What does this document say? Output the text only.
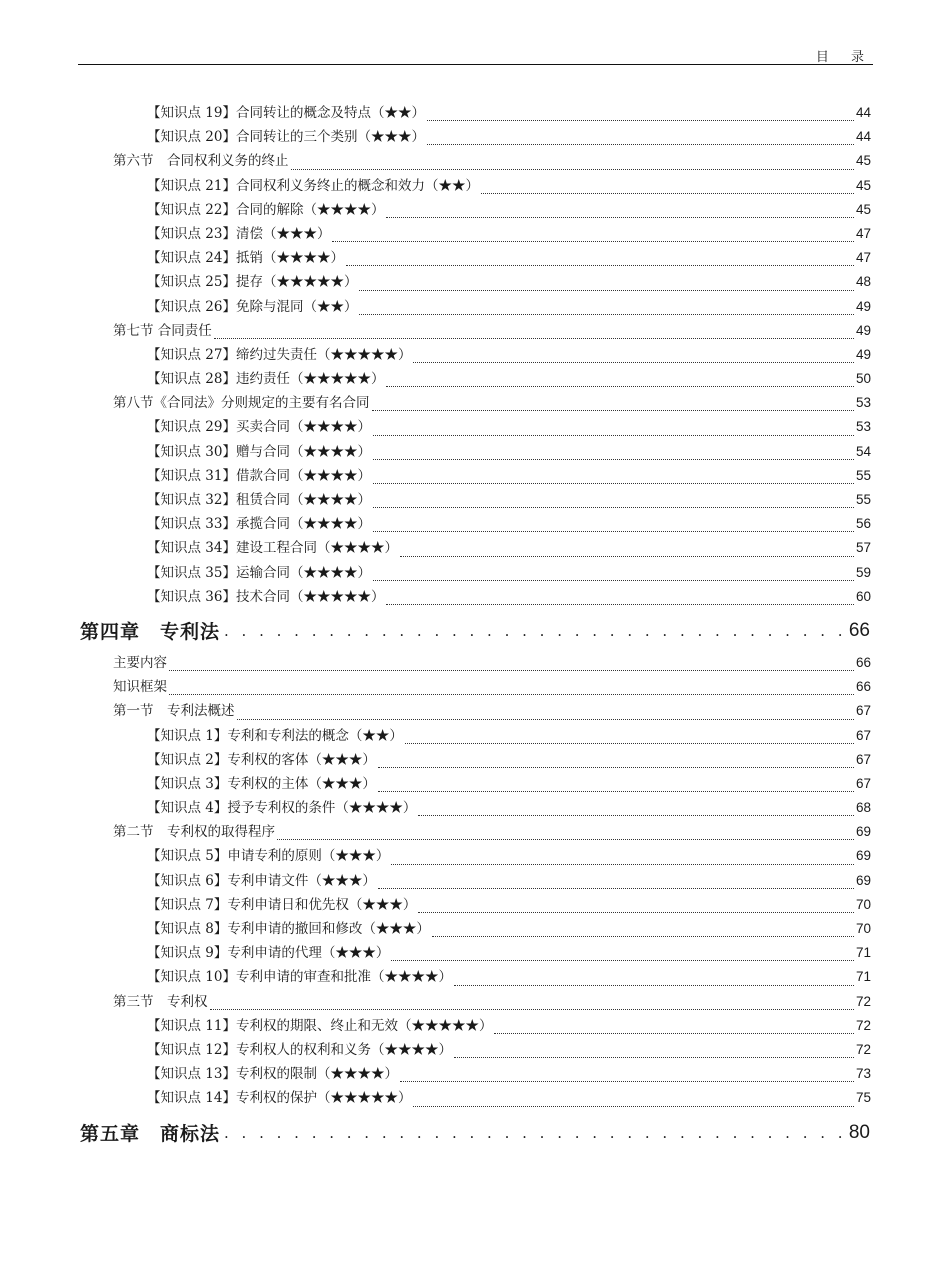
目 录
【知识点 19】合同转让的概念及特点（★★）	44
【知识点 20】合同转让的三个类别（★★★）	44
第六节　合同权利义务的终止	45
【知识点 21】合同权利义务终止的概念和效力（★★）	45
【知识点 22】合同的解除（★★★★）	45
【知识点 23】清偿（★★★）	47
【知识点 24】抵销（★★★★）	47
【知识点 25】提存（★★★★★）	48
【知识点 26】免除与混同（★★）	49
第七节 合同责任	49
【知识点 27】缔约过失责任（★★★★★）	49
【知识点 28】违约责任（★★★★★）	50
第八节《合同法》分则规定的主要有名合同	53
【知识点 29】买卖合同（★★★★）	53
【知识点 30】赠与合同（★★★★）	54
【知识点 31】借款合同（★★★★）	55
【知识点 32】租赁合同（★★★★）	55
【知识点 33】承揽合同（★★★★）	56
【知识点 34】建设工程合同（★★★★）	57
【知识点 35】运输合同（★★★★）	59
【知识点 36】技术合同（★★★★★）	60
第四章　专利法 . . .	66
主要内容	66
知识框架	66
第一节　专利法概述	67
【知识点 1】专利和专利法的概念（★★）	67
【知识点 2】专利权的客体（★★★）	67
【知识点 3】专利权的主体（★★★）	67
【知识点 4】授予专利权的条件（★★★★）	68
第二节　专利权的取得程序	69
【知识点 5】申请专利的原则（★★★）	69
【知识点 6】专利申请文件（★★★）	69
【知识点 7】专利申请日和优先权（★★★）	70
【知识点 8】专利申请的撤回和修改（★★★）	70
【知识点 9】专利申请的代理（★★★）	71
【知识点 10】专利申请的审查和批准（★★★★）	71
第三节　专利权	72
【知识点 11】专利权的期限、终止和无效（★★★★★）	72
【知识点 12】专利权人的权利和义务（★★★★）	72
【知识点 13】专利权的限制（★★★★）	73
【知识点 14】专利权的保护（★★★★★）	75
第五章　商标法 . . .	80
